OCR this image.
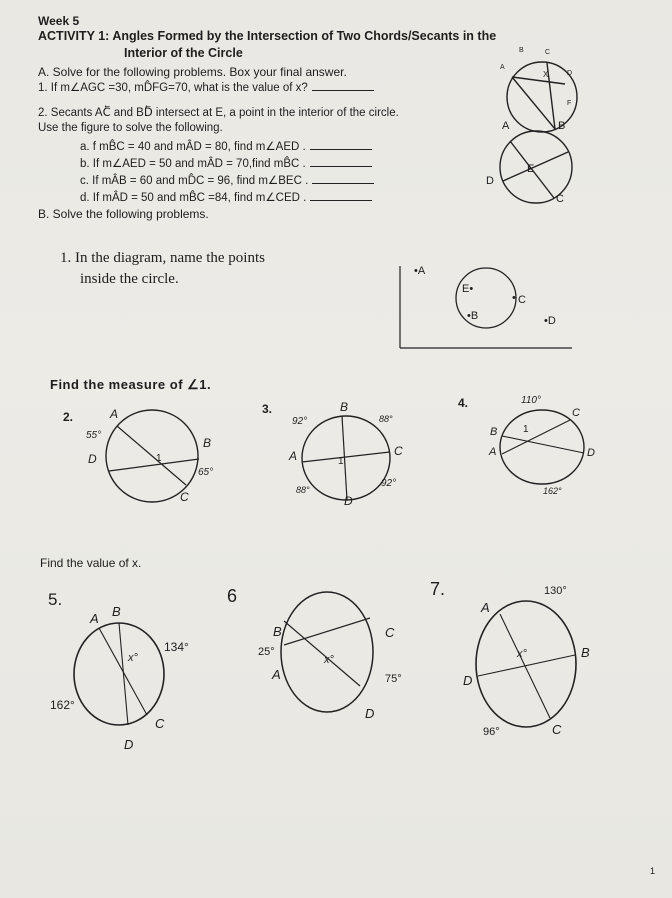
Week 5
ACTIVITY 1: Angles Formed by the Intersection of Two Chords/Secants in the
Interior of the Circle
A. Solve for the following problems. Box your final answer.
1. If m∠AGC =30, mD̂FG=70, what is the value of x?
2. Secants AC⃖ and BD⃖ intersect at E, a point in the interior of the circle.
Use the figure to solve the following.
a. f mB̂C = 40 and mÂD = 80, find m∠AED .
b. If m∠AED = 50 and mÂD = 70,find mB̂C .
c. If mÂB = 60 and mD̂C = 96, find m∠BEC .
d. If mÂD = 50 and mB̂C =84, find m∠CED .
B. Solve the following problems.
B	C
A
D
F
X
A	B
E
D
C
1. In the diagram, name the points
inside the circle.	•A
E•
• C
•B	•D
Find the measure of ∠1.
2.	A
B
C
D	1
55°
65°
3.	B
C
D
A	1
92°	88°
92°
88°
4.	110°
C
B	1
A	D
162°
Find the value of x.
5.
A B
134°
x°
162°
C
D
6
B
25°
A
C
x°
75°
D
7.	130°
A
x°	B
D
96°	C
1
